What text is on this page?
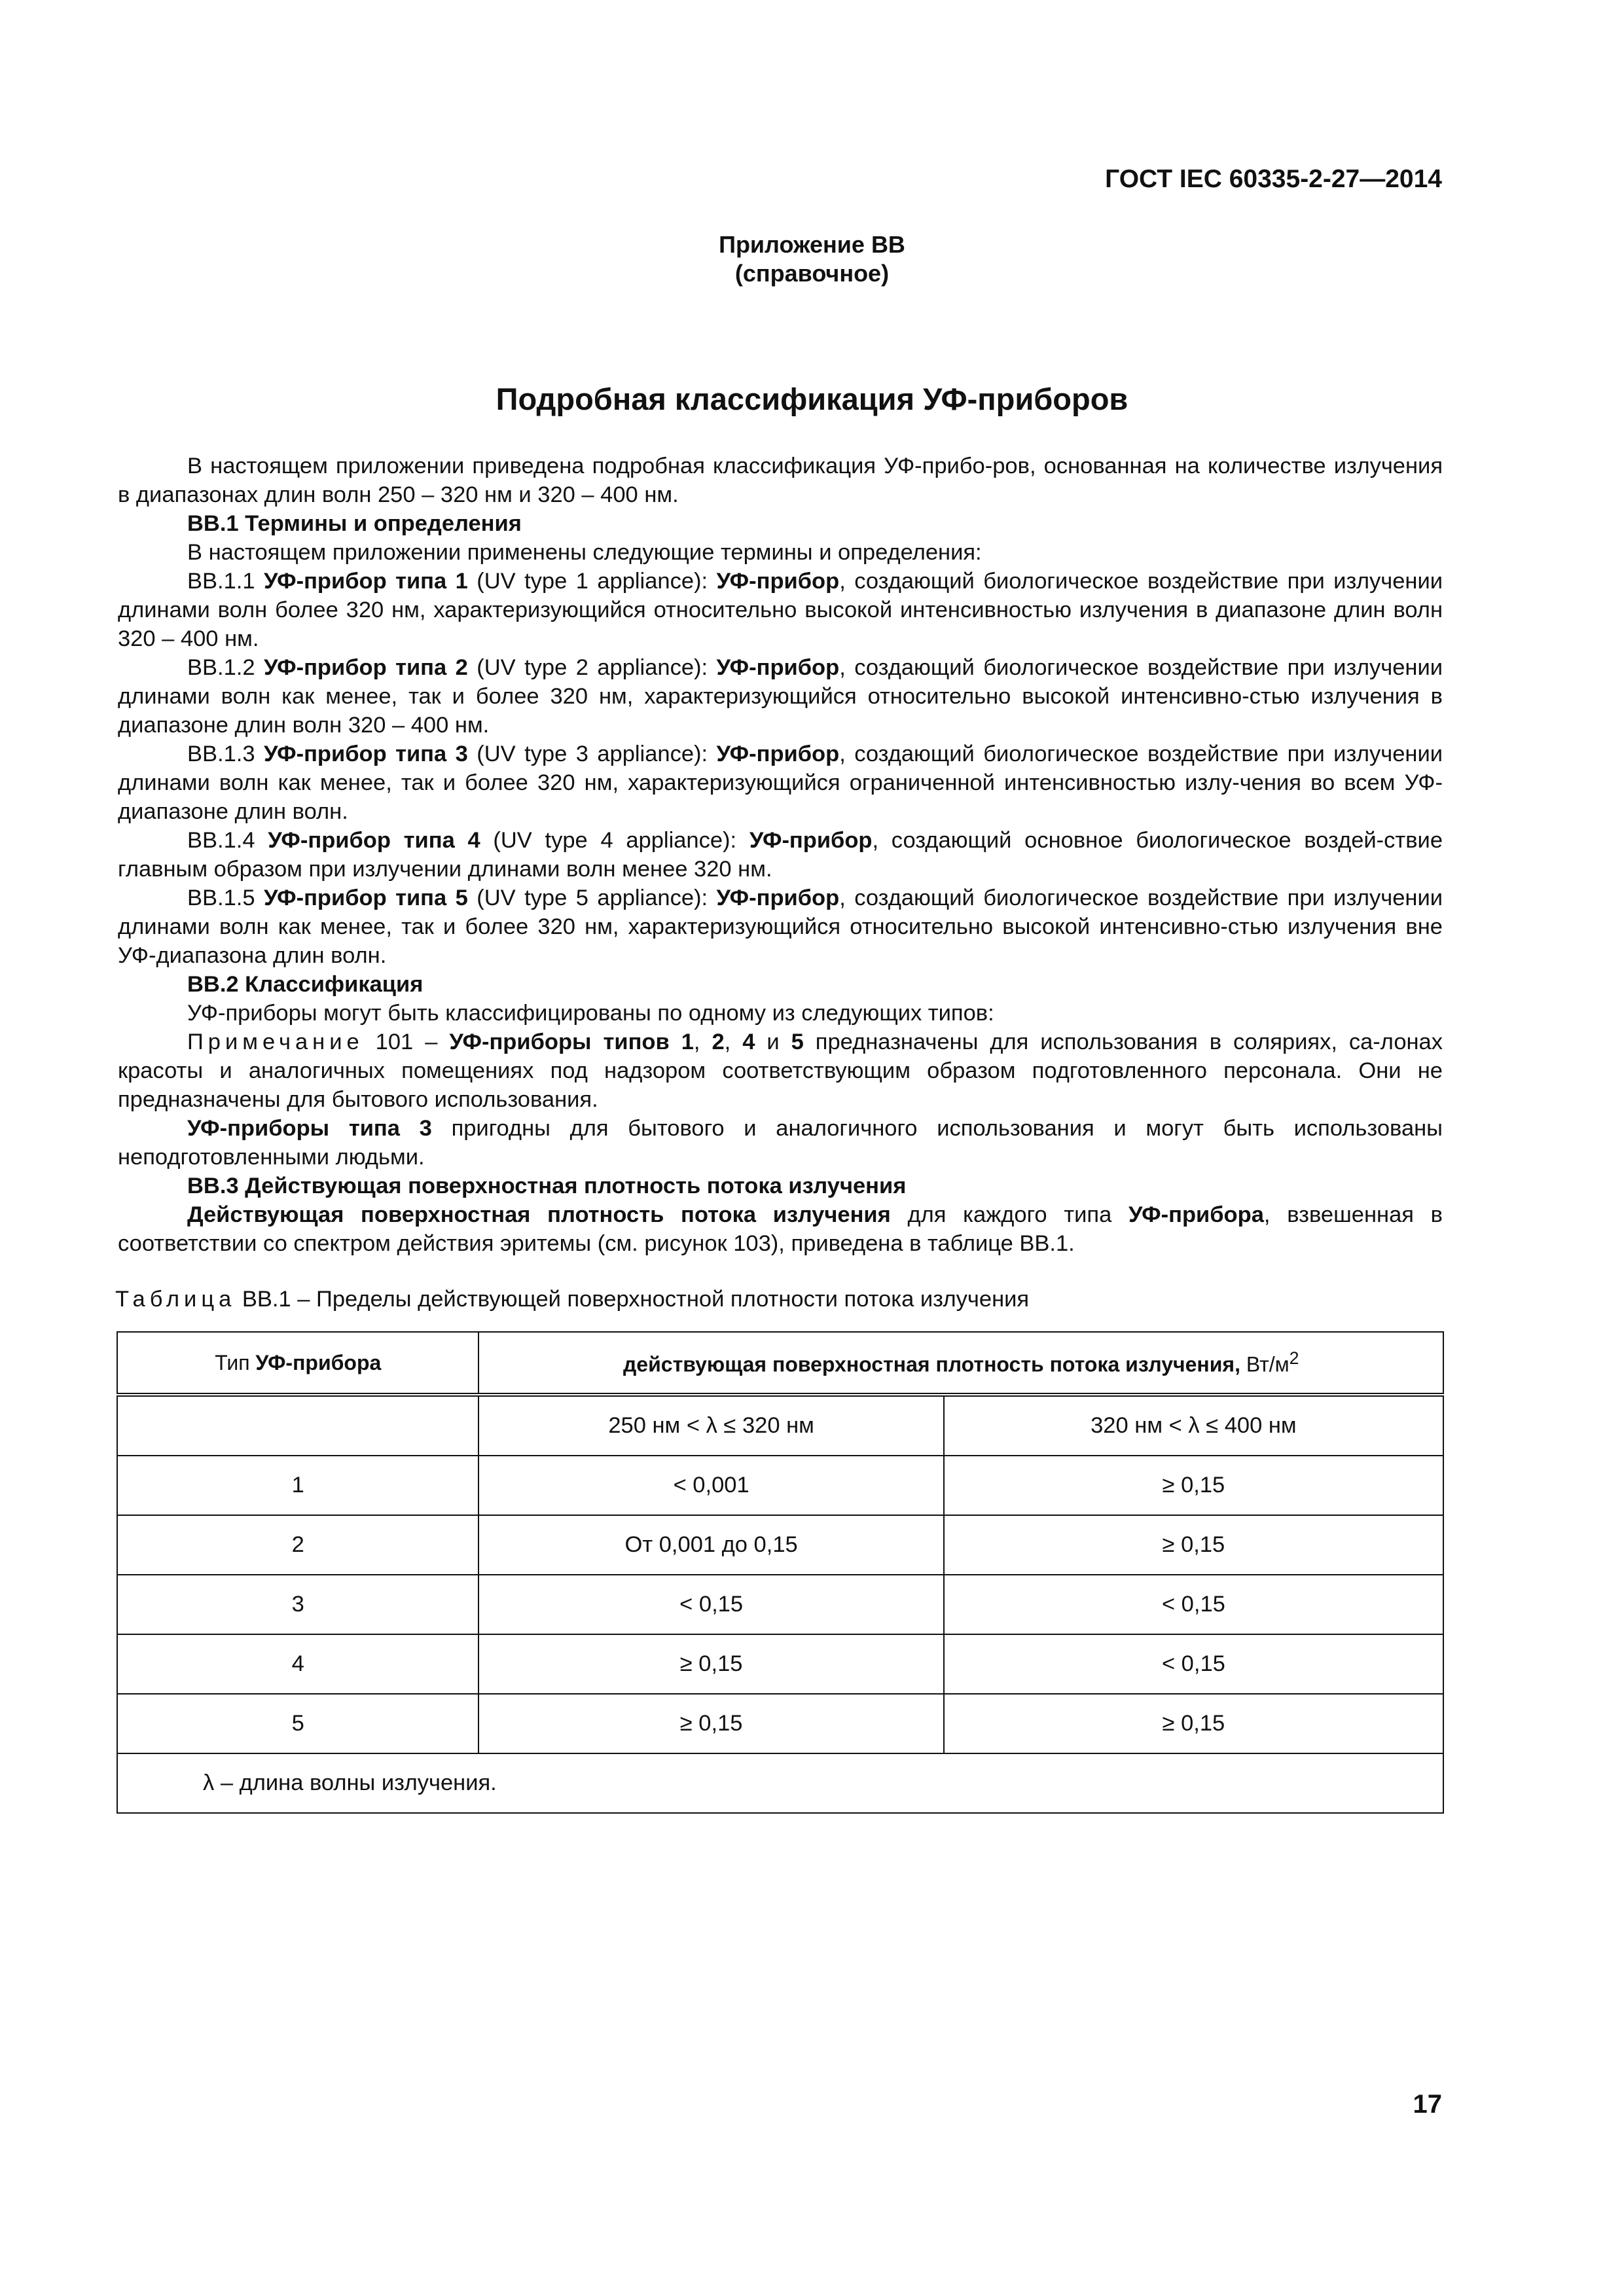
ГОСТ IEC 60335-2-27—2014
Приложение ВВ
(справочное)
Подробная классификация УФ-приборов

В настоящем приложении приведена подробная классификация УФ-прибо-ров, основанная на количестве излучения в диапазонах длин волн 250 – 320 нм и 320 – 400 нм.

ВВ.1 Термины и определения

В настоящем приложении применены следующие термины и определения:

ВВ.1.1 УФ-прибор типа 1 (UV type 1 appliance): УФ-прибор, создающий биологическое воздействие при излучении длинами волн более 320 нм, характеризующийся относительно высокой интенсивностью излучения в диапазоне длин волн 320 – 400 нм.

ВВ.1.2 УФ-прибор типа 2 (UV type 2 appliance): УФ-прибор, создающий биологическое воздействие при излучении длинами волн как менее, так и более 320 нм, характеризующийся относительно высокой интенсивно-стью излучения в диапазоне длин волн 320 – 400 нм.

ВВ.1.3 УФ-прибор типа 3 (UV type 3 appliance): УФ-прибор, создающий биологическое воздействие при излучении длинами волн как менее, так и более 320 нм, характеризующийся ограниченной интенсивностью излу-чения во всем УФ-диапазоне длин волн.

ВВ.1.4 УФ-прибор типа 4 (UV type 4 appliance): УФ-прибор, создающий основное биологическое воздей-ствие главным образом при излучении длинами волн менее 320 нм.

ВВ.1.5 УФ-прибор типа 5 (UV type 5 appliance): УФ-прибор, создающий биологическое воздействие при излучении длинами волн как менее, так и более 320 нм, характеризующийся относительно высокой интенсивно-стью излучения вне УФ-диапазона длин волн.

ВВ.2 Классификация

УФ-приборы могут быть классифицированы по одному из следующих типов:

Примечание 101 – УФ-приборы типов 1, 2, 4 и 5 предназначены для использования в соляриях, са-лонах красоты и аналогичных помещениях под надзором соответствующим образом подготовленного персонала. Они не предназначены для бытового использования.

УФ-приборы типа 3 пригодны для бытового и аналогичного использования и могут быть использованы неподготовленными людьми.

ВВ.3 Действующая поверхностная плотность потока излучения

Действующая поверхностная плотность потока излучения для каждого типа УФ-прибора, взвешенная в соответствии со спектром действия эритемы (см. рисунок 103), приведена в таблице ВВ.1.

Таблица ВВ.1 – Пределы действующей поверхностной плотности потока излучения
Тип УФ-прибора	действующая поверхностная плотность потока излучения, $Вт/м^2$
	250 нм < λ ≤ 320 нм	320 нм < λ ≤ 400 нм
1	< 0,001	≥ 0,15
2	От 0,001 до 0,15	≥ 0,15
3	< 0,15	< 0,15
4	≥ 0,15	< 0,15
5	≥ 0,15	≥ 0,15
λ – длина волны излучения.		
17
